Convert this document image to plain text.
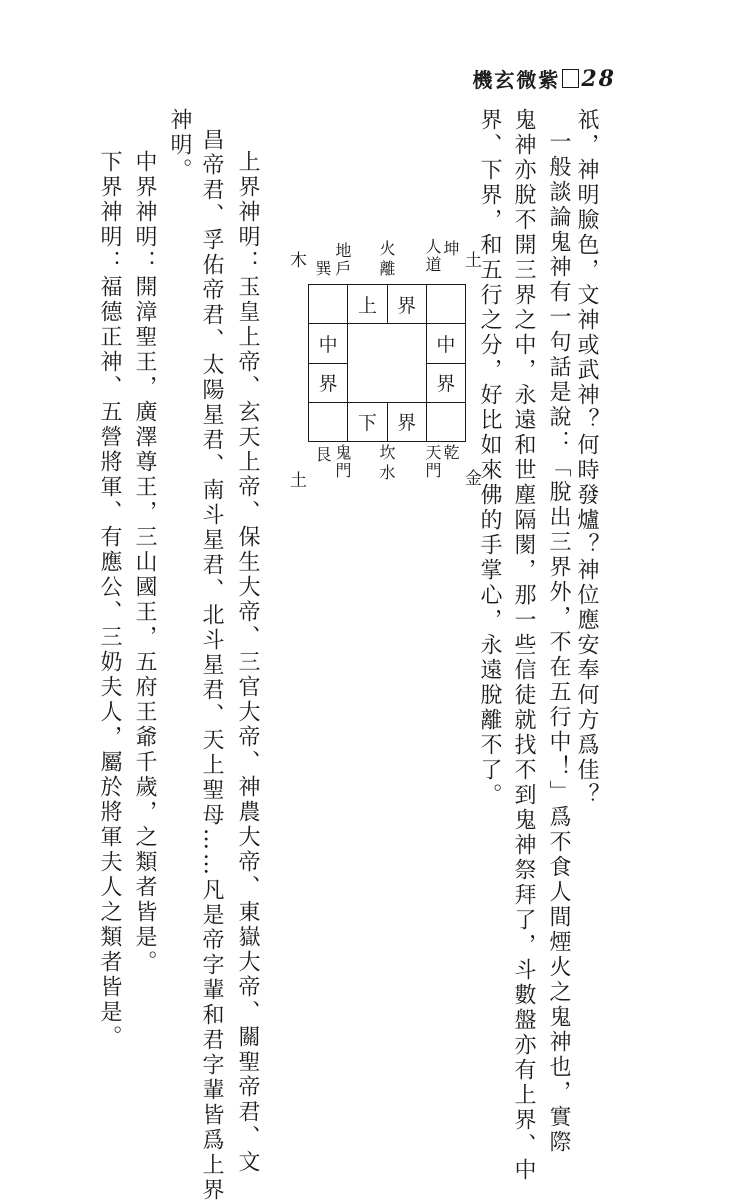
機玄微紫 28
祇，神明臉色，文神或武神？何時發爐？神位應安奉何方爲佳？
一般談論鬼神有一句話是說：「脫出三界外，不在五行中！」爲不食人間煙火之鬼神也，實際
鬼神亦脫不開三界之中，永遠和世塵隔閡，那一些信徒就找不到鬼神祭拜了，斗數盤亦有上界、中
界、下界，和五行之分，好比如來佛的手掌心，永遠脫離不了。
土
坤
人道
離
火
地戶
巽
木
	上	界	
中			中
界			界
	下	界	
金
乾
天門
坎
水
鬼門
艮
土
上界神明：玉皇上帝、玄天上帝、保生大帝、三官大帝、神農大帝、東嶽大帝、關聖帝君、文
昌帝君、孚佑帝君、太陽星君、南斗星君、北斗星君、天上聖母……凡是帝字輩和君字輩皆爲上界
神明。
中界神明：開漳聖王，廣澤尊王，三山國王，五府王爺千歲，之類者皆是。
下界神明：福德正神、五營將軍、有應公、三奶夫人，屬於將軍夫人之類者皆是。
